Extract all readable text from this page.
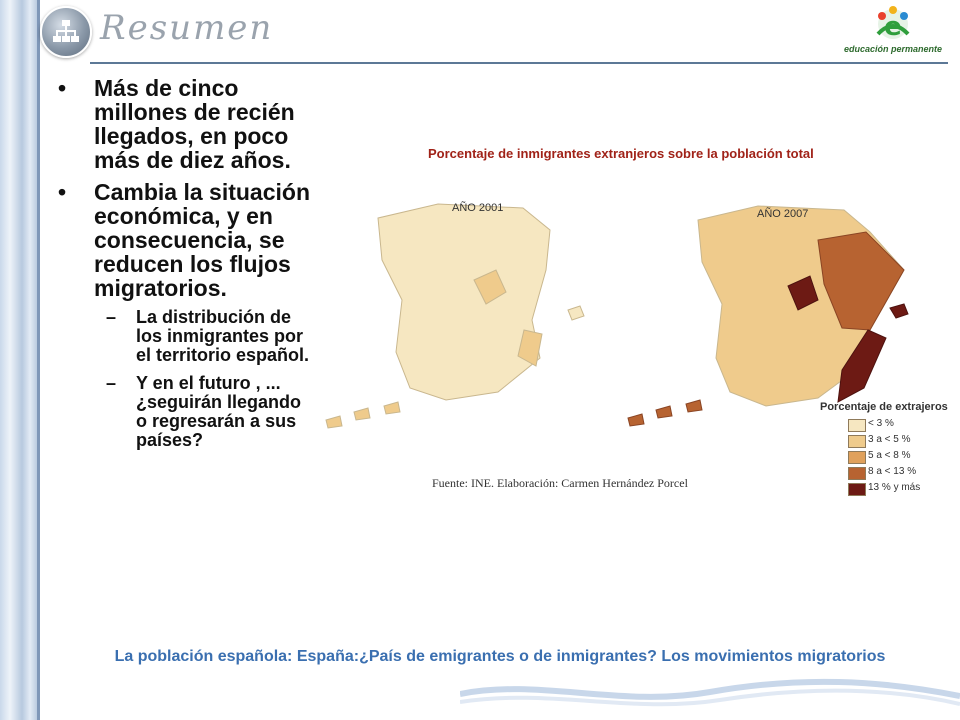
Resumen	e
educación permanente
•	Más de cinco millones de recién llegados, en poco más de diez años.
•	Cambia la situación económica, y en consecuencia, se reducen los flujos migratorios.
–	La distribución de los inmigrantes por el territorio español.
–	Y en el futuro , ... ¿seguirán llegando o regresarán a sus países?
Porcentaje de inmigrantes extranjeros sobre la población total
AÑO 2001	AÑO 2007
Porcentaje de extrajeros
< 3 %
3 a < 5 %
5 a < 8 %
8 a < 13 %
13 % y más
Fuente: INE. Elaboración: Carmen Hernández Porcel
La población española: España:¿País de emigrantes o de inmigrantes? Los movimientos migratorios
